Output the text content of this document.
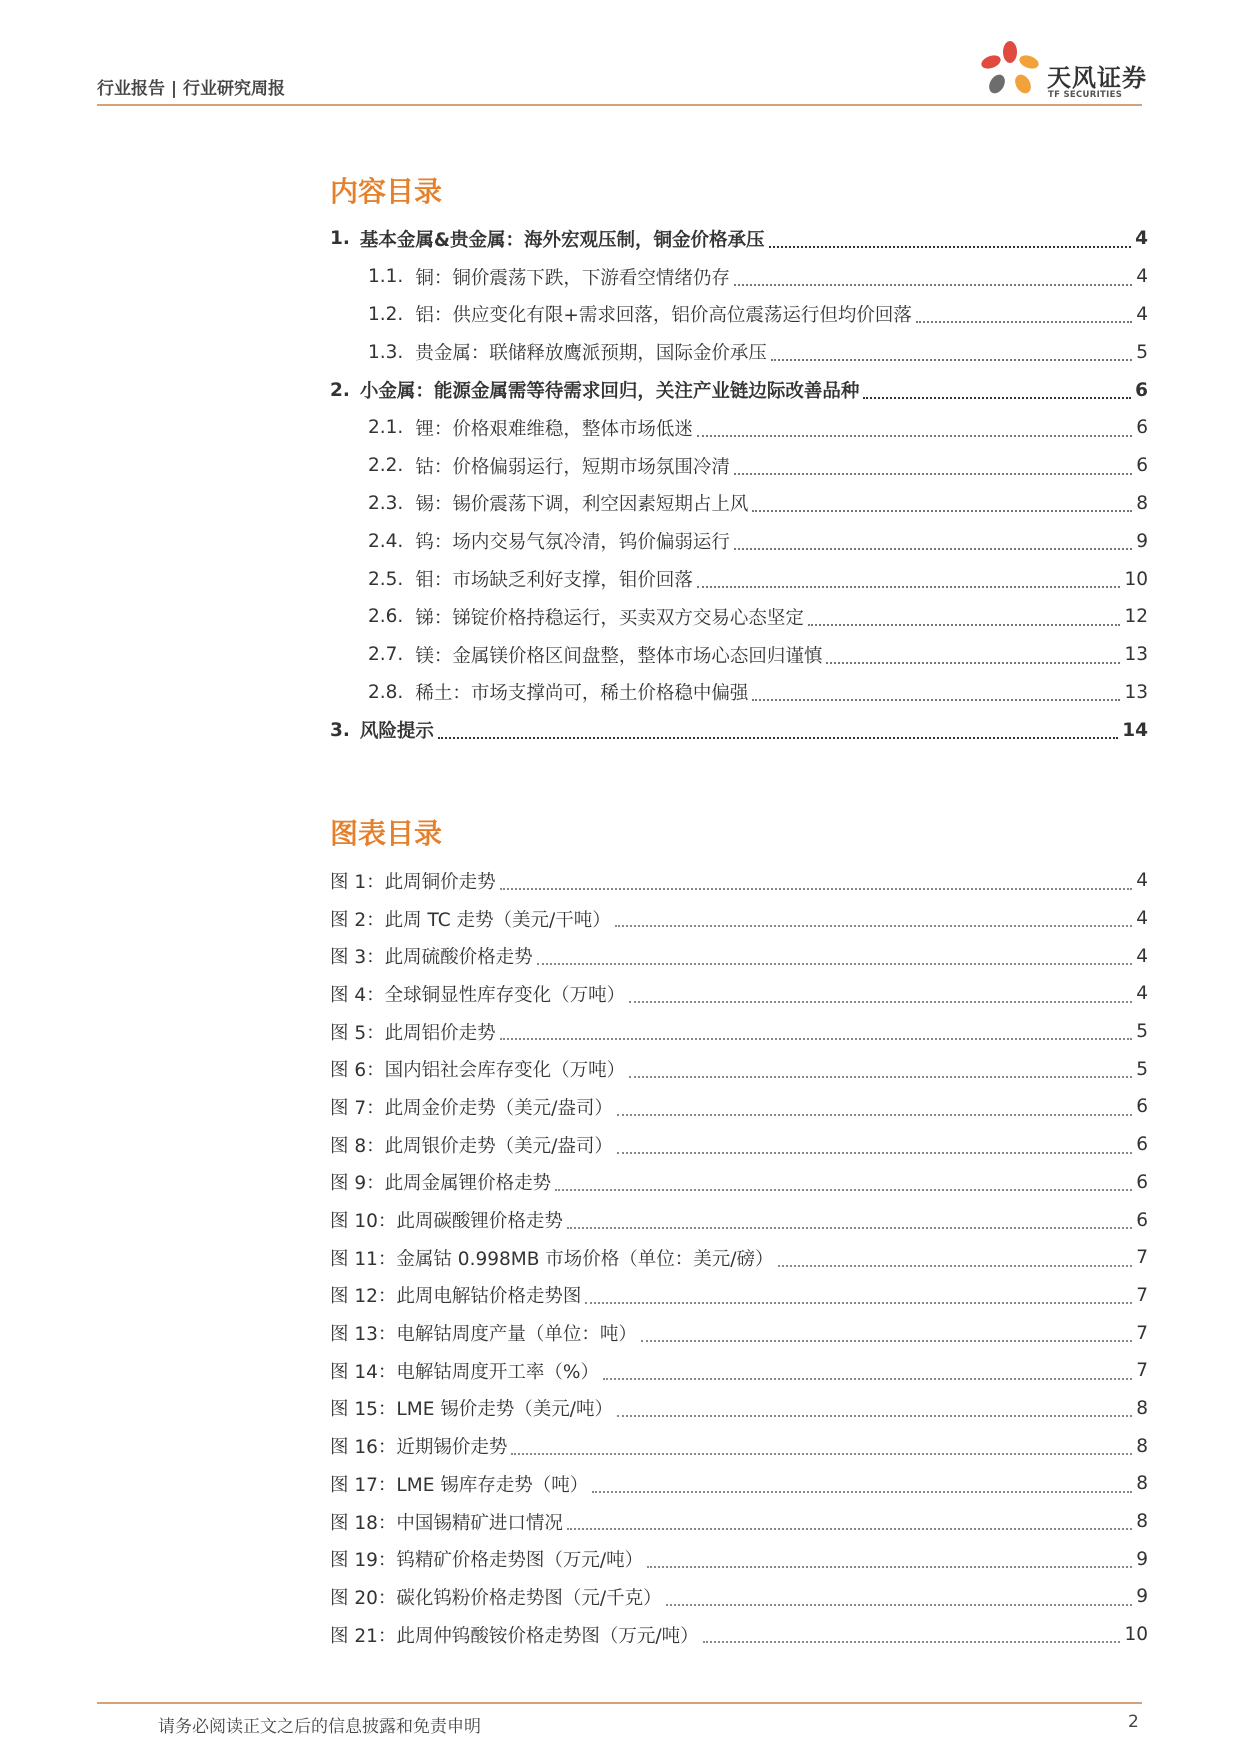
行业报告 | 行业研究周报	天风证券
TF SECURITIES
内容目录
1. 基本金属&贵金属：海外宏观压制，铜金价格承压	4
1.1. 铜：铜价震荡下跌，下游看空情绪仍存	4
1.2. 铝：供应变化有限+需求回落，铝价高位震荡运行但均价回落	4
1.3. 贵金属：联储释放鹰派预期，国际金价承压	5
2. 小金属：能源金属需等待需求回归，关注产业链边际改善品种	6
2.1. 锂：价格艰难维稳，整体市场低迷	6
2.2. 钴：价格偏弱运行，短期市场氛围冷清	6
2.3. 锡：锡价震荡下调，利空因素短期占上风	8
2.4. 钨：场内交易气氛冷清，钨价偏弱运行	9
2.5. 钼：市场缺乏利好支撑，钼价回落	10
2.6. 锑：锑锭价格持稳运行，买卖双方交易心态坚定	12
2.7. 镁：金属镁价格区间盘整，整体市场心态回归谨慎	13
2.8. 稀土：市场支撑尚可，稀土价格稳中偏强	13
3. 风险提示	14
图表目录
图 1：此周铜价走势	4
图 2：此周 TC 走势（美元/干吨）	4
图 3：此周硫酸价格走势	4
图 4：全球铜显性库存变化（万吨）	4
图 5：此周铝价走势	5
图 6：国内铝社会库存变化（万吨）	5
图 7：此周金价走势（美元/盎司）	6
图 8：此周银价走势（美元/盎司）	6
图 9：此周金属锂价格走势	6
图 10：此周碳酸锂价格走势	6
图 11：金属钴 0.998MB 市场价格（单位：美元/磅）	7
图 12：此周电解钴价格走势图	7
图 13：电解钴周度产量（单位：吨）	7
图 14：电解钴周度开工率（%）	7
图 15：LME 锡价走势（美元/吨）	8
图 16：近期锡价走势	8
图 17：LME 锡库存走势（吨）	8
图 18：中国锡精矿进口情况	8
图 19：钨精矿价格走势图（万元/吨）	9
图 20：碳化钨粉价格走势图（元/千克）	9
图 21：此周仲钨酸铵价格走势图（万元/吨）	10
请务必阅读正文之后的信息披露和免责申明	2
